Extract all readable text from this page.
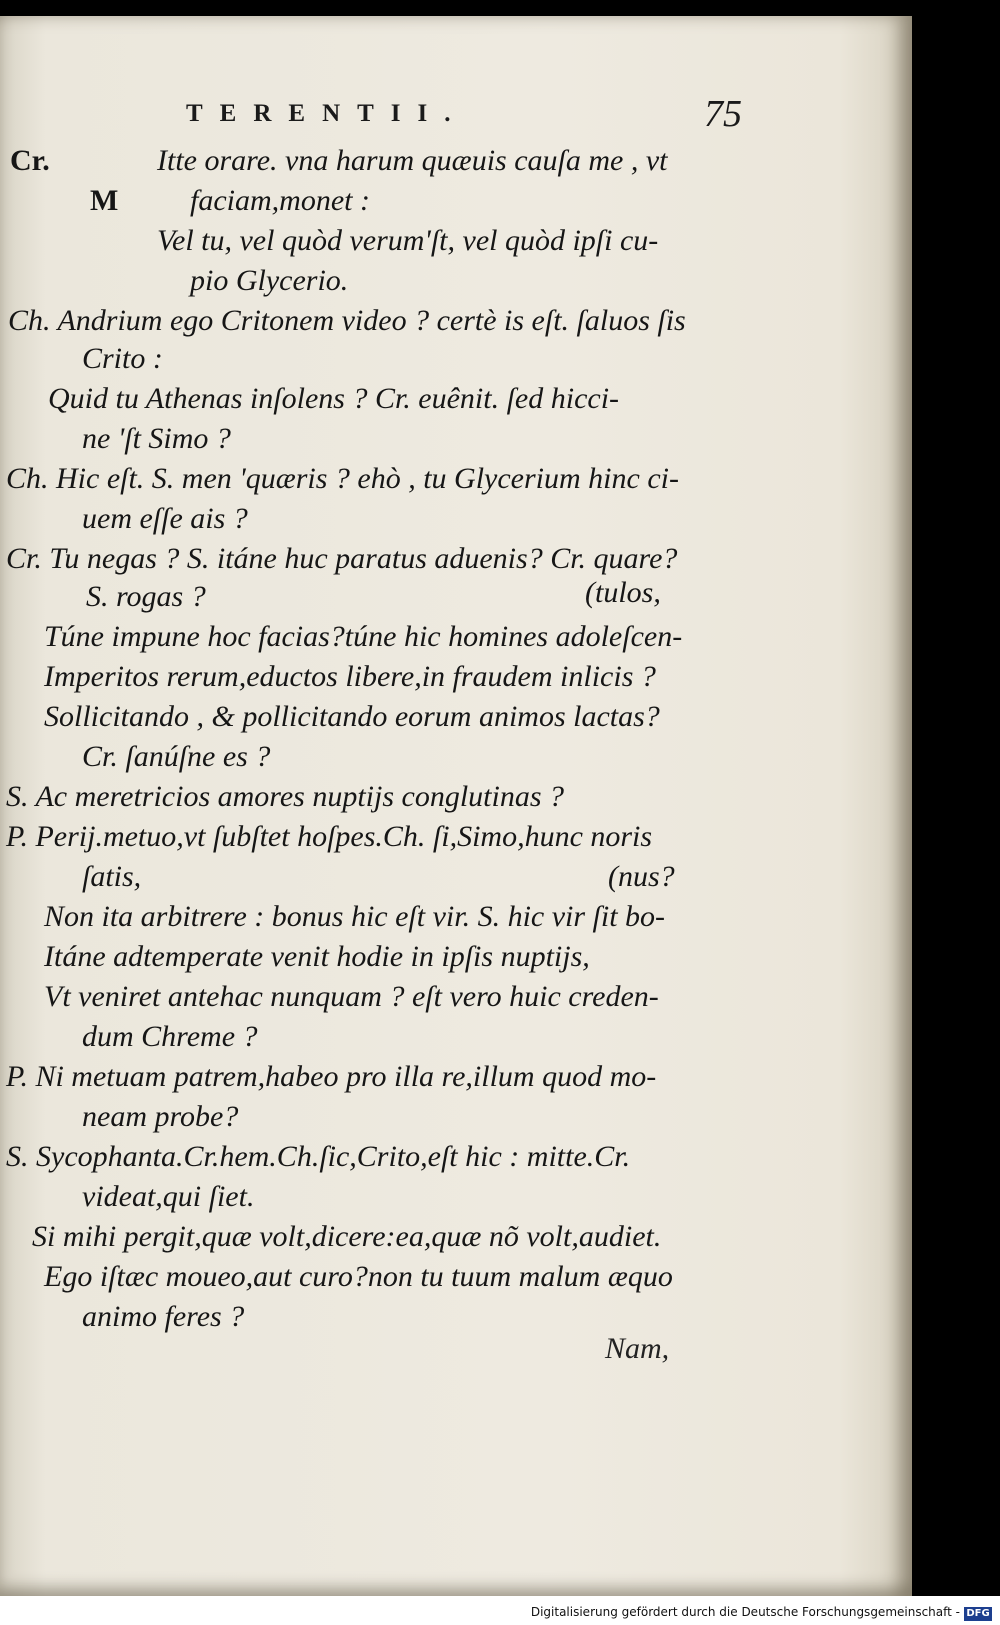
TERENTII.	75
Cr.	Itte orare. vna harum quæuis cauſa me , vt
M faciam,monet :
Vel tu, vel quòd verum'ſt, vel quòd ipſi cu-
pio Glycerio.
Ch. Andrium ego Critonem video ? certè is eſt. ſaluos ſis
Crito :
Quid tu Athenas inſolens ? Cr. euênit. ſed hicci-
ne 'ſt Simo ?
Ch. Hic eſt. S. men 'quæris ? ehò , tu Glycerium hinc ci-
uem eſſe ais ?
Cr. Tu negas ? S. itáne huc paratus aduenis? Cr. quare?
S. rogas ?	(tulos,
Túne impune hoc facias?túne hic homines adoleſcen-
Imperitos rerum,eductos libere,in fraudem inlicis ?
Sollicitando , & pollicitando eorum animos lactas?
Cr. ſanúſne es ?
S. Ac meretricios amores nuptijs conglutinas ?
P. Perij.metuo,vt ſubſtet hoſpes.Ch. ſi,Simo,hunc noris
ſatis,	(nus?
Non ita arbitrere : bonus hic eſt vir. S. hic vir ſit bo-
Itáne adtemperate venit hodie in ipſis nuptijs,
Vt veniret antehac nunquam ? eſt vero huic creden-
dum Chreme ?
P. Ni metuam patrem,habeo pro illa re,illum quod mo-
neam probe?
S. Sycophanta.Cr.hem.Ch.ſic,Crito,eſt hic : mitte.Cr.
videat,qui ſiet.
Si mihi pergit,quæ volt,dicere:ea,quæ nõ volt,audiet.
Ego iſtæc moueo,aut curo?non tu tuum malum æquo
animo feres ?
Nam,
Digitalisierung gefördert durch die Deutsche Forschungsgemeinschaft - DFG
